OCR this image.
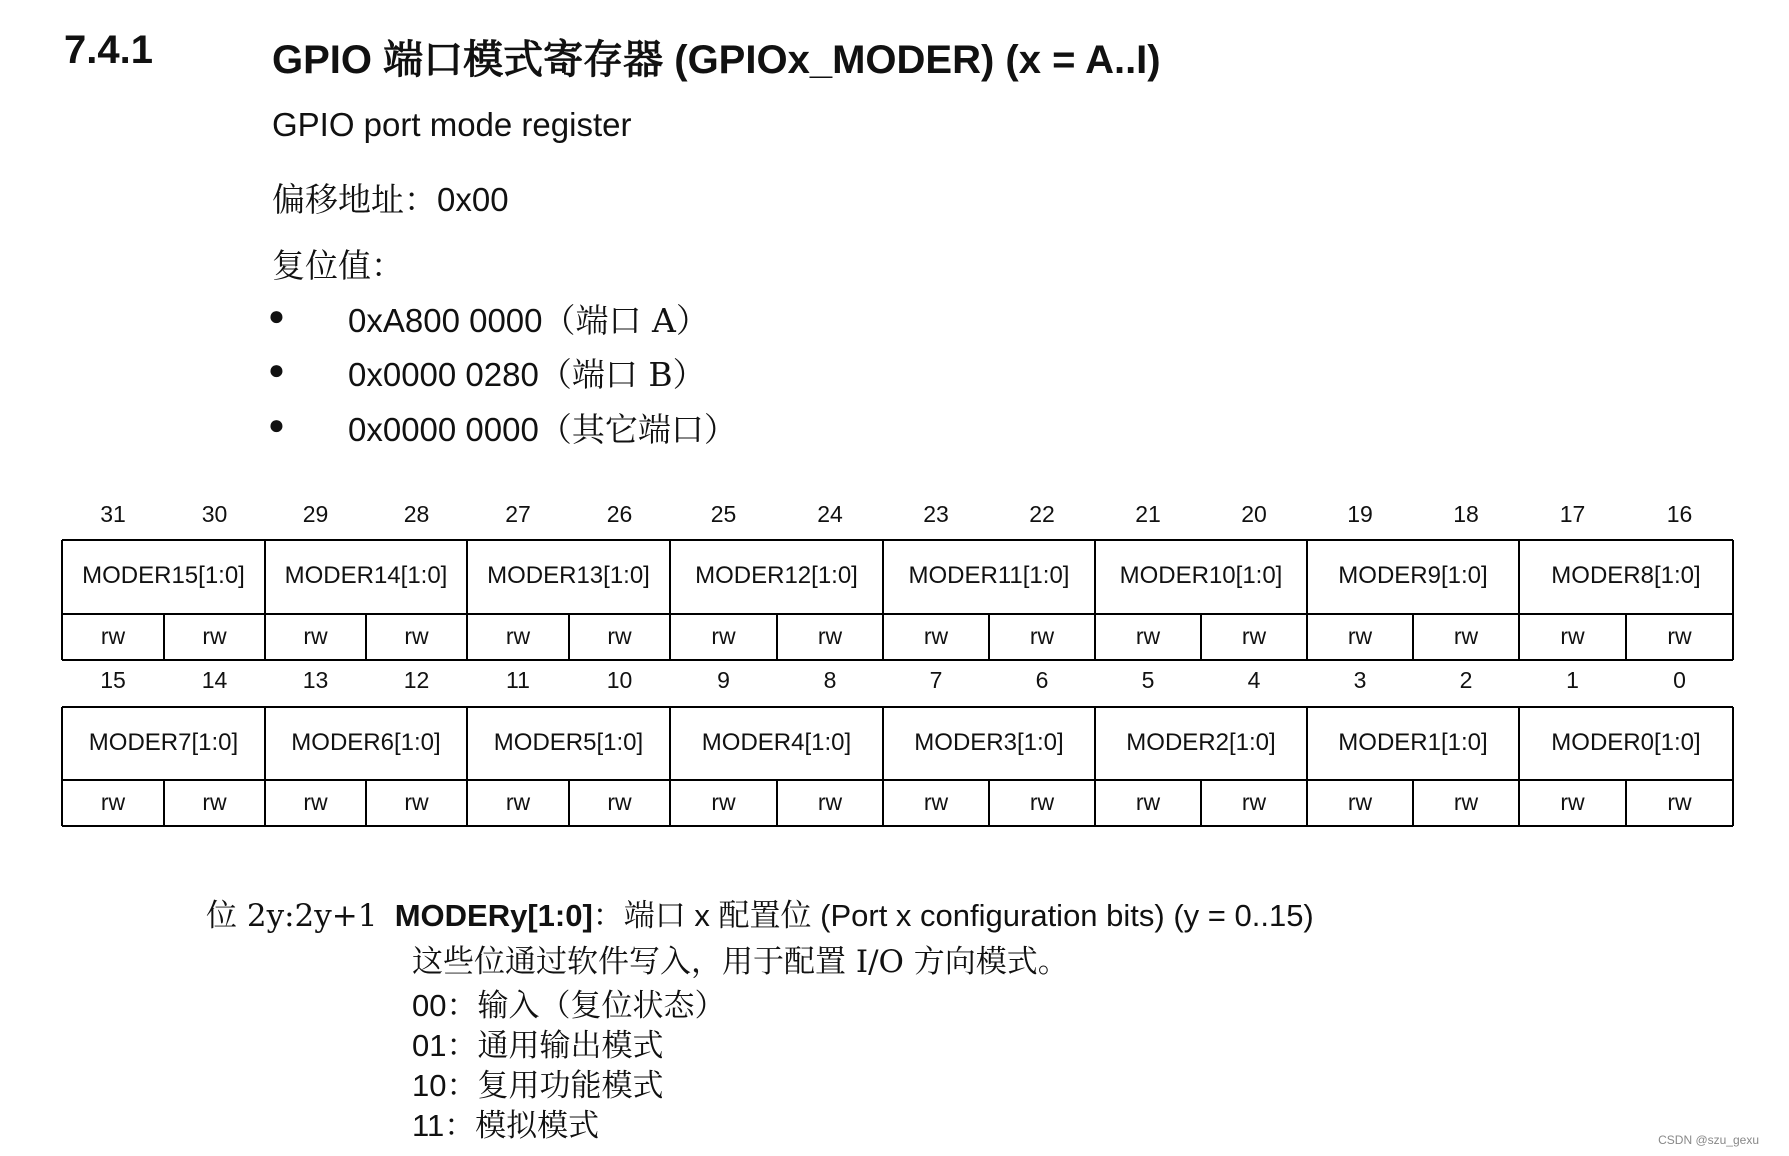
7.4.1	GPIO 端口模式寄存器 (GPIOx_MODER) (x = A..I)
GPIO port mode register
偏移地址：0x00
复位值：
● 0xA800 0000（端口 A）
● 0x0000 0280（端口 B）
● 0x0000 0000（其它端口）
31	30	29	28	27	26	25	24	23	22	21	20	19	18	17	16
MODER15[1:0]	MODER14[1:0]	MODER13[1:0]	MODER12[1:0]	MODER11[1:0]	MODER10[1:0]	MODER9[1:0]	MODER8[1:0]
rw	rw	rw	rw	rw	rw	rw	rw	rw	rw	rw	rw	rw	rw	rw	rw
15	14	13	12	11	10	9	8	7	6	5	4	3	2	1	0
MODER7[1:0]	MODER6[1:0]	MODER5[1:0]	MODER4[1:0]	MODER3[1:0]	MODER2[1:0]	MODER1[1:0]	MODER0[1:0]
rw	rw	rw	rw	rw	rw	rw	rw	rw	rw	rw	rw	rw	rw	rw	rw
位 2y:2y+1 MODERy[1:0]：端口 x 配置位 (Port x configuration bits) (y = 0..15)
这些位通过软件写入，用于配置 I/O 方向模式。
00：输入（复位状态）
01：通用输出模式
10：复用功能模式
11：模拟模式	CSDN @szu_gexu
